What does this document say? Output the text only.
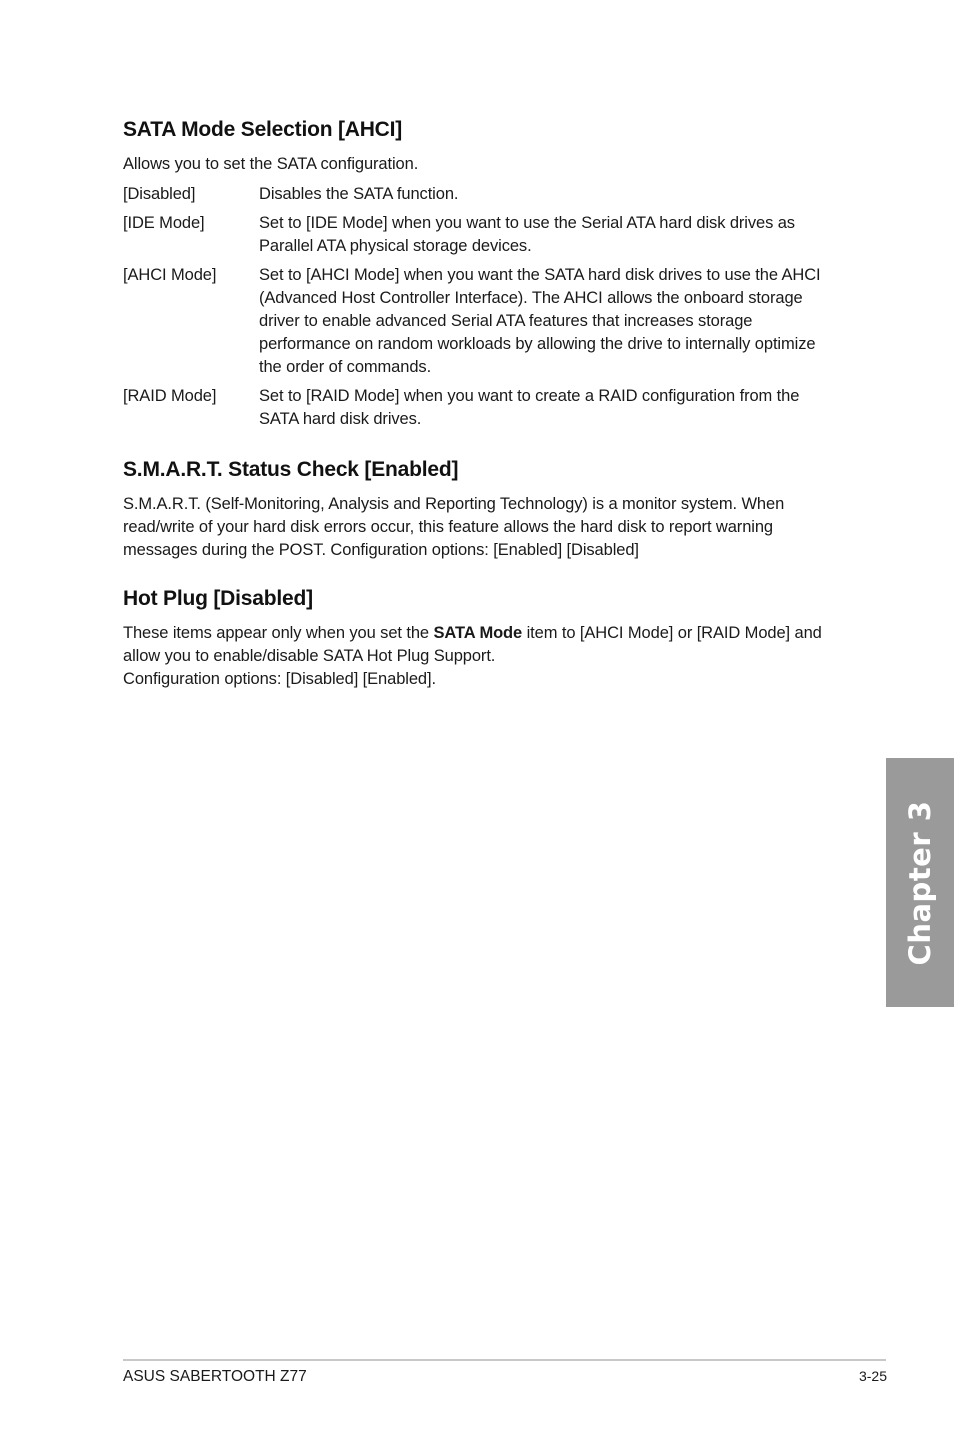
SATA Mode Selection [AHCI]

Allows you to set the SATA configuration.

[Disabled]	Disables the SATA function.
[IDE Mode]	Set to [IDE Mode] when you want to use the Serial ATA hard disk drives as Parallel ATA physical storage devices.
[AHCI Mode]	Set to [AHCI Mode] when you want the SATA hard disk drives to use the AHCI (Advanced Host Controller Interface). The AHCI allows the onboard storage driver to enable advanced Serial ATA features that increases storage performance on random workloads by allowing the drive to internally optimize the order of commands.
[RAID Mode]	Set to [RAID Mode] when you want to create a RAID configuration from the SATA hard disk drives.
S.M.A.R.T. Status Check [Enabled]

S.M.A.R.T. (Self-Monitoring, Analysis and Reporting Technology) is a monitor system. When read/write of your hard disk errors occur, this feature allows the hard disk to report warning messages during the POST. Configuration options: [Enabled] [Disabled]

Hot Plug [Disabled]

These items appear only when you set the SATA Mode item to [AHCI Mode] or [RAID Mode] and allow you to enable/disable SATA Hot Plug Support.

Configuration options: [Disabled] [Enabled].

Chapter 3
ASUS SABERTOOTH Z77	3-25
